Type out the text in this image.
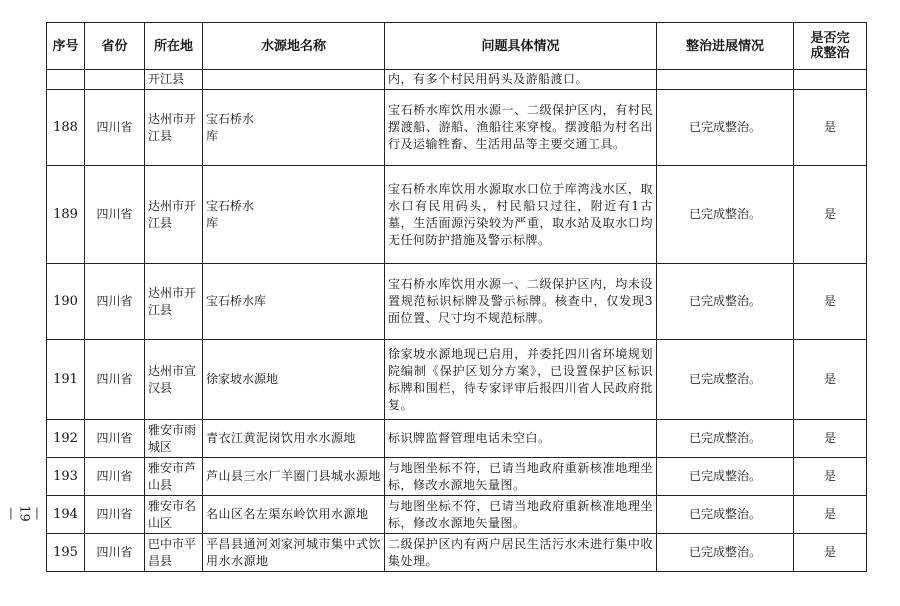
— 19 —
序号	省份	所在地	水源地名称	问题具体情况	整治进展情况	是否完成整治
		开江县		内，有多个村民用码头及游船渡口。		
188	四川省	达州市开江县	宝石桥水库	宝石桥水库饮用水源一、二级保护区内，有村民摆渡船、游船、渔船往来穿梭。摆渡船为村名出行及运输牲畜、生活用品等主要交通工具。	已完成整治。	是
189	四川省	达州市开江县	宝石桥水库	宝石桥水库饮用水源取水口位于库湾浅水区，取水口有民用码头，村民船只过往，附近有1古墓，生活面源污染较为严重，取水站及取水口均无任何防护措施及警示标牌。	已完成整治。	是
190	四川省	达州市开江县	宝石桥水库	宝石桥水库饮用水源一、二级保护区内，均未设置规范标识标牌及警示标牌。核查中，仅发现3面位置、尺寸均不规范标牌。	已完成整治。	是
191	四川省	达州市宣汉县	徐家坡水源地	徐家坡水源地现已启用，并委托四川省环境规划院编制《保护区划分方案》，已设置保护区标识标牌和围栏，待专家评审后报四川省人民政府批复。	已完成整治。	是
192	四川省	雅安市雨城区	青衣江黄泥岗饮用水水源地	标识牌监督管理电话未空白。	已完成整治。	是
193	四川省	雅安市芦山县	芦山县三水厂羊圈门县城水源地	与地图坐标不符，已请当地政府重新核准地理坐标，修改水源地矢量图。	已完成整治。	是
194	四川省	雅安市名山区	名山区名左渠东岭饮用水源地	与地图坐标不符，已请当地政府重新核准地理坐标，修改水源地矢量图。	已完成整治。	是
195	四川省	巴中市平昌县	平昌县通河刘家河城市集中式饮用水水源地	二级保护区内有两户居民生活污水未进行集中收集处理。	已完成整治。	是
